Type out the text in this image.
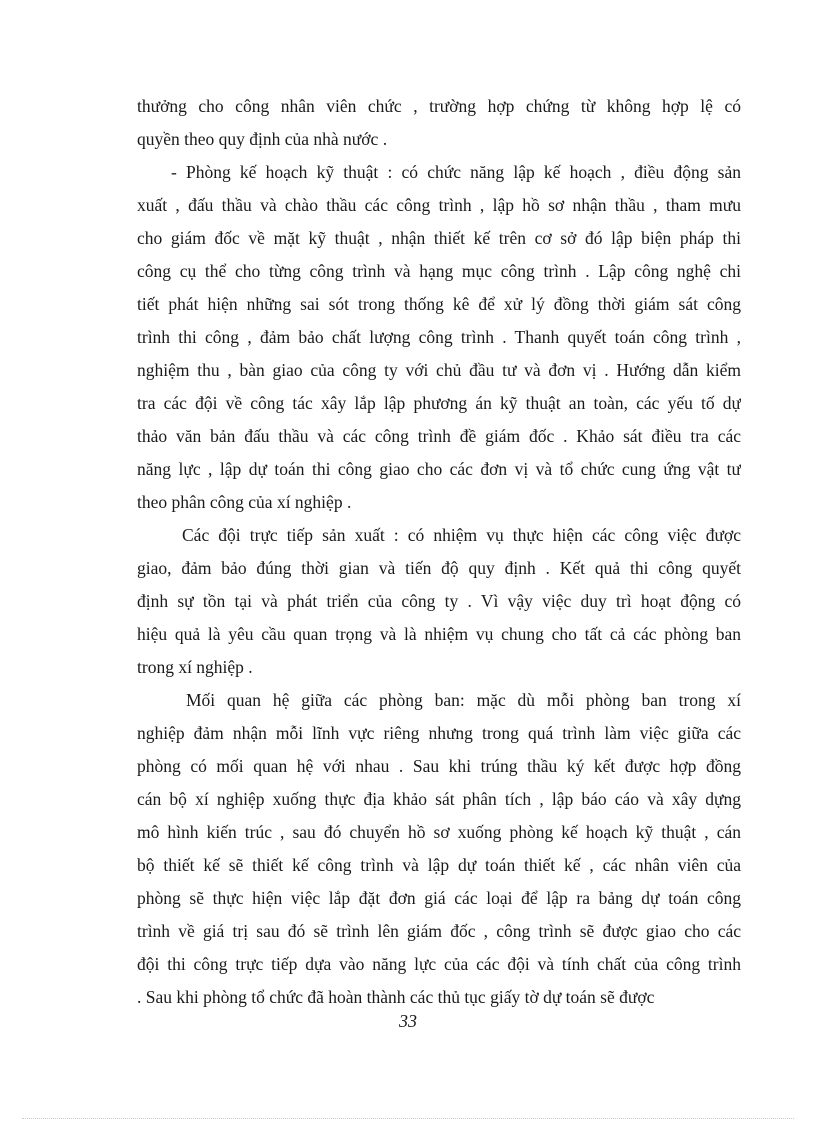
thưởng cho công nhân viên chức , trường hợp chứng từ không hợp lệ có
quyền theo quy định của nhà nước .
- Phòng kế hoạch kỹ thuật : có chức năng lập kế hoạch , điều động sản
xuất , đấu thầu và chào thầu các công trình , lập hồ sơ nhận thầu , tham mưu
cho giám đốc về mặt kỹ thuật , nhận thiết kế trên cơ sở đó lập biện pháp thi
công cụ thể cho từng công trình và hạng mục công trình . Lập công nghệ chi
tiết phát hiện những sai sót trong thống kê để xử lý đồng thời giám sát công
trình thi công , đảm bảo chất lượng công trình . Thanh quyết toán công trình ,
nghiệm thu , bàn giao của công ty với chủ đầu tư và đơn vị . Hướng dẫn kiểm
tra các đội về công tác xây lắp lập phương án kỹ thuật an toàn, các yếu tố dự
thảo văn bản đấu thầu và các công trình đề giám đốc . Khảo sát điều tra các
năng lực , lập dự toán thi công giao cho các đơn vị và tổ chức cung ứng vật tư
theo phân công của xí nghiệp .
Các đội trực tiếp sản xuất : có nhiệm vụ thực hiện các công việc được
giao, đảm bảo đúng thời gian và tiến độ quy định . Kết quả thi công quyết
định sự tồn tại và phát triển của công ty . Vì vậy việc duy trì hoạt động có
hiệu quả là yêu cầu quan trọng và là nhiệm vụ chung cho tất cả các phòng ban
trong xí nghiệp .
Mối quan hệ giữa các phòng ban: mặc dù mỗi phòng ban trong xí
nghiệp đảm nhận mỗi lĩnh vực riêng nhưng trong quá trình làm việc giữa các
phòng có mối quan hệ với nhau . Sau khi trúng thầu ký kết được hợp đồng
cán bộ xí nghiệp xuống thực địa khảo sát phân tích , lập báo cáo và xây dựng
mô hình kiến trúc , sau đó chuyển hồ sơ xuống phòng kế hoạch kỹ thuật , cán
bộ thiết kế sẽ thiết kế công trình và lập dự toán thiết kế , các nhân viên của
phòng sẽ thực hiện việc lắp đặt đơn giá các loại để lập ra bảng dự toán công
trình về giá trị sau đó sẽ trình lên giám đốc , công trình sẽ được giao cho các
đội thi công trực tiếp dựa vào năng lực của các đội và tính chất của công trình
. Sau khi phòng tổ chức đã hoàn thành các thủ tục giấy tờ dự toán sẽ được
33
